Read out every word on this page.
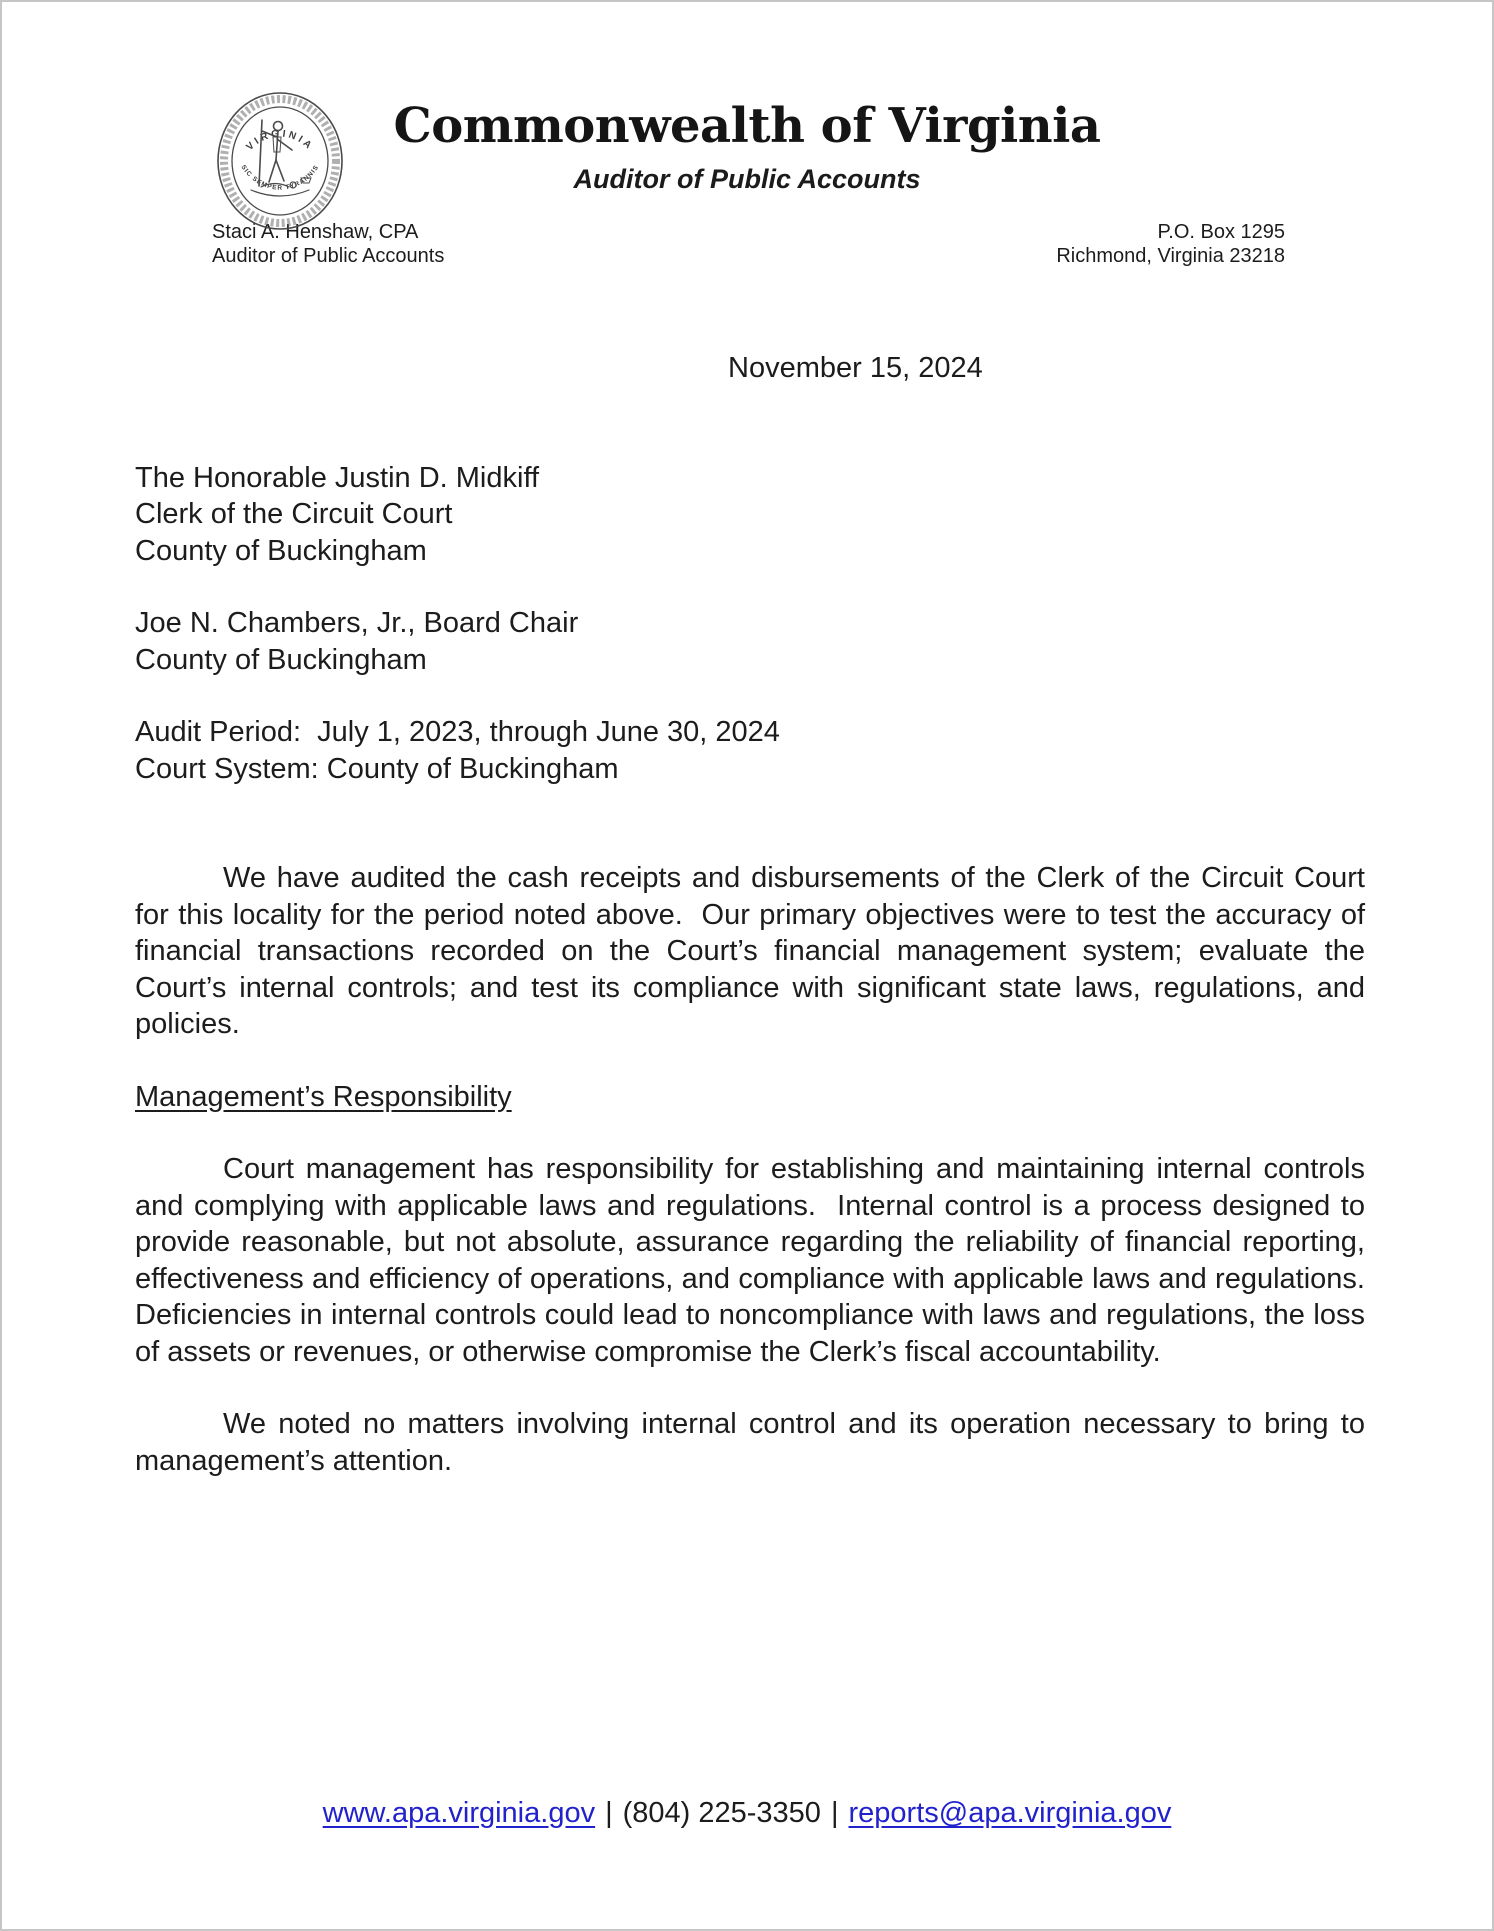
VIRGINIA
SIC SEMPER TYRANNIS
Commonwealth of Virginia
Auditor of Public Accounts
Staci A. Henshaw, CPA
Auditor of Public Accounts
P.O. Box 1295
Richmond, Virginia 23218
November 15, 2024
The Honorable Justin D. Midkiff
Clerk of the Circuit Court
County of Buckingham
Joe N. Chambers, Jr., Board Chair
County of Buckingham
Audit Period:  July 1, 2023, through June 30, 2024
Court System: County of Buckingham

We have audited the cash receipts and disbursements of the Clerk of the Circuit Court for this locality for the period noted above.  Our primary objectives were to test the accuracy of financial transactions recorded on the Court’s financial management system; evaluate the Court’s internal controls; and test its compliance with significant state laws, regulations, and policies.

Management’s Responsibility

Court management has responsibility for establishing and maintaining internal controls and complying with applicable laws and regulations.  Internal control is a process designed to provide reasonable, but not absolute, assurance regarding the reliability of financial reporting, effectiveness and efficiency of operations, and compliance with applicable laws and regulations.  Deficiencies in internal controls could lead to noncompliance with laws and regulations, the loss of assets or revenues, or otherwise compromise the Clerk’s fiscal accountability.

We noted no matters involving internal control and its operation necessary to bring to management’s attention.

www.apa.virginia.gov | (804) 225-3350 | reports@apa.virginia.gov
